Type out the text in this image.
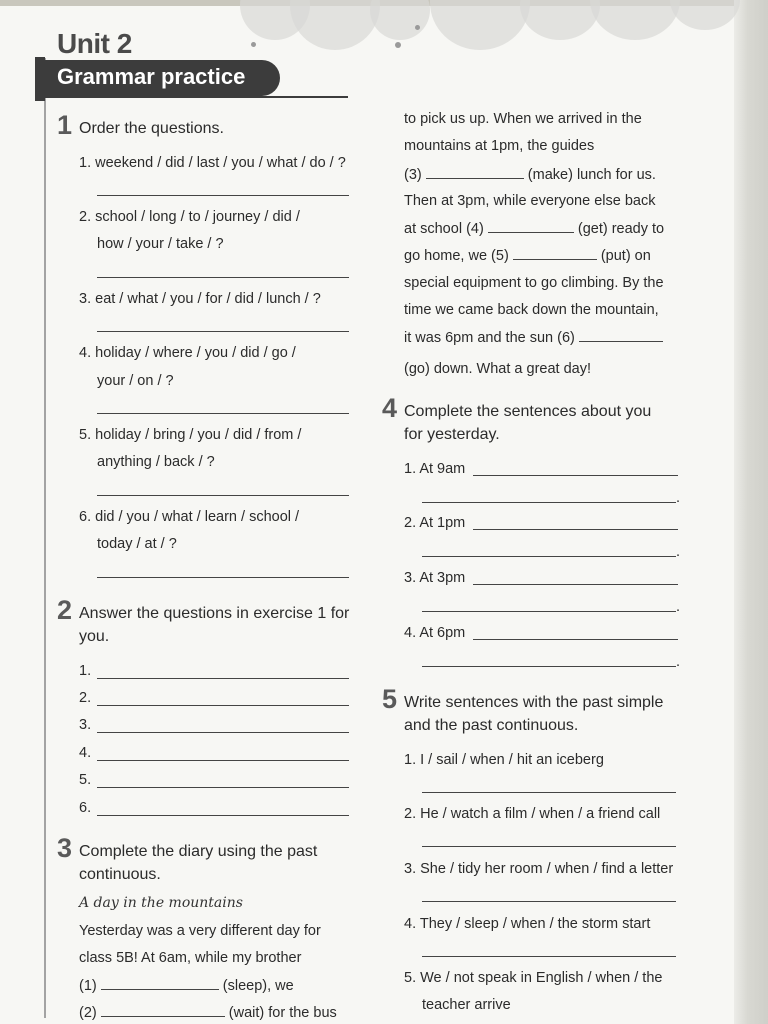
Unit 2
Grammar practice
1 Order the questions.
1. weekend / did / last / you / what / do / ?
2. school / long / to / journey / did /
how / your / take / ?
3. eat / what / you / for / did / lunch / ?
4. holiday / where / you / did / go /
your / on / ?
5. holiday / bring / you / did / from /
anything / back / ?
6. did / you / what / learn / school /
today / at / ?
2 Answer the questions in exercise 1 for
you.
1.
2.
3.
4.
5.
6.
3 Complete the diary using the past
continuous.
A day in the mountains
Yesterday was a very different day for
class 5B! At 6am, while my brother
(1)	(sleep), we
(2)	(wait) for the bus
to pick us up. When we arrived in the
mountains at 1pm, the guides
(3)	(make) lunch for us.
Then at 3pm, while everyone else back
at school (4)	(get) ready to
go home, we (5)	(put) on
special equipment to go climbing. By the
time we came back down the mountain,
it was 6pm and the sun (6)
(go) down. What a great day!
4 Complete the sentences about you
for yesterday.
1. At 9am
.
2. At 1pm
.
3. At 3pm
.
4. At 6pm
.
5 Write sentences with the past simple
and the past continuous.
1. I / sail / when / hit an iceberg
2. He / watch a film / when / a friend call
3. She / tidy her room / when / find a letter
4. They / sleep / when / the storm start
5. We / not speak in English / when / the
teacher arrive
